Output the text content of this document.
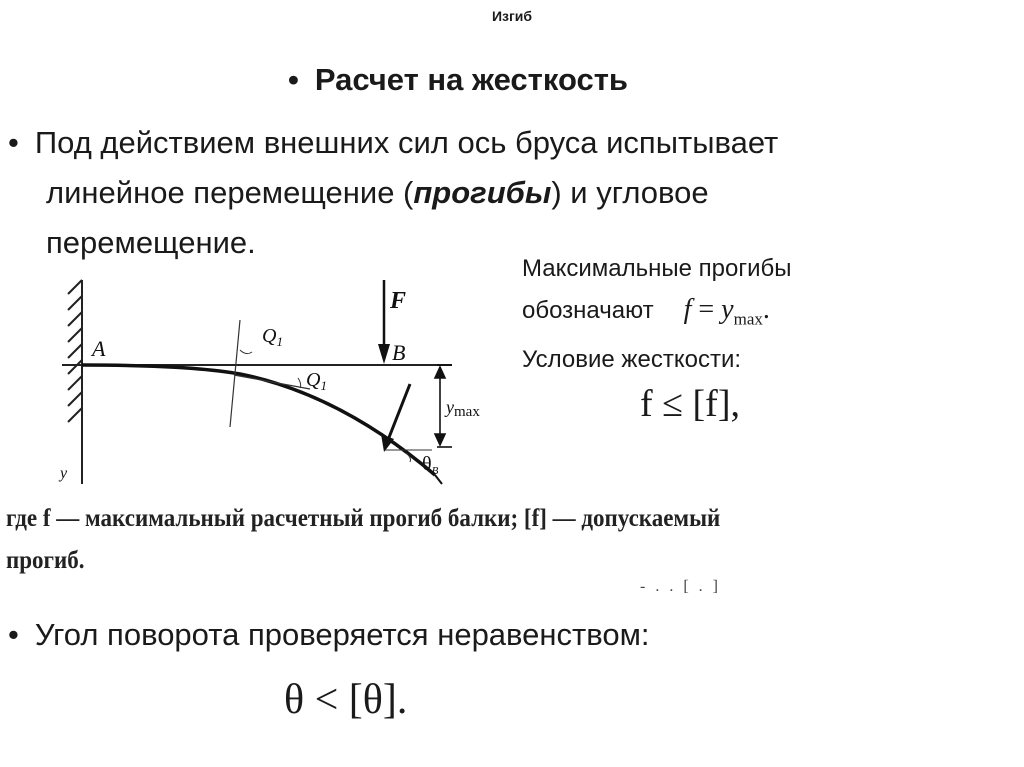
Изгиб
• Расчет на жесткость
• Под действием внешних сил ось бруса испытывает
линейное перемещение (прогибы) и угловое
перемещение.
Максимальные прогибы
обозначают $f = y_{max}$.
Условие жесткости:
f ≤ [f],
A	B
F
$Q_1$
$Q_1$
ymax
$\theta_B$
y
где f — максимальный расчетный прогиб балки; [f] — допускаемый
прогиб.
- . . [ . ]
• Угол поворота проверяется неравенством:
θ < [θ].
